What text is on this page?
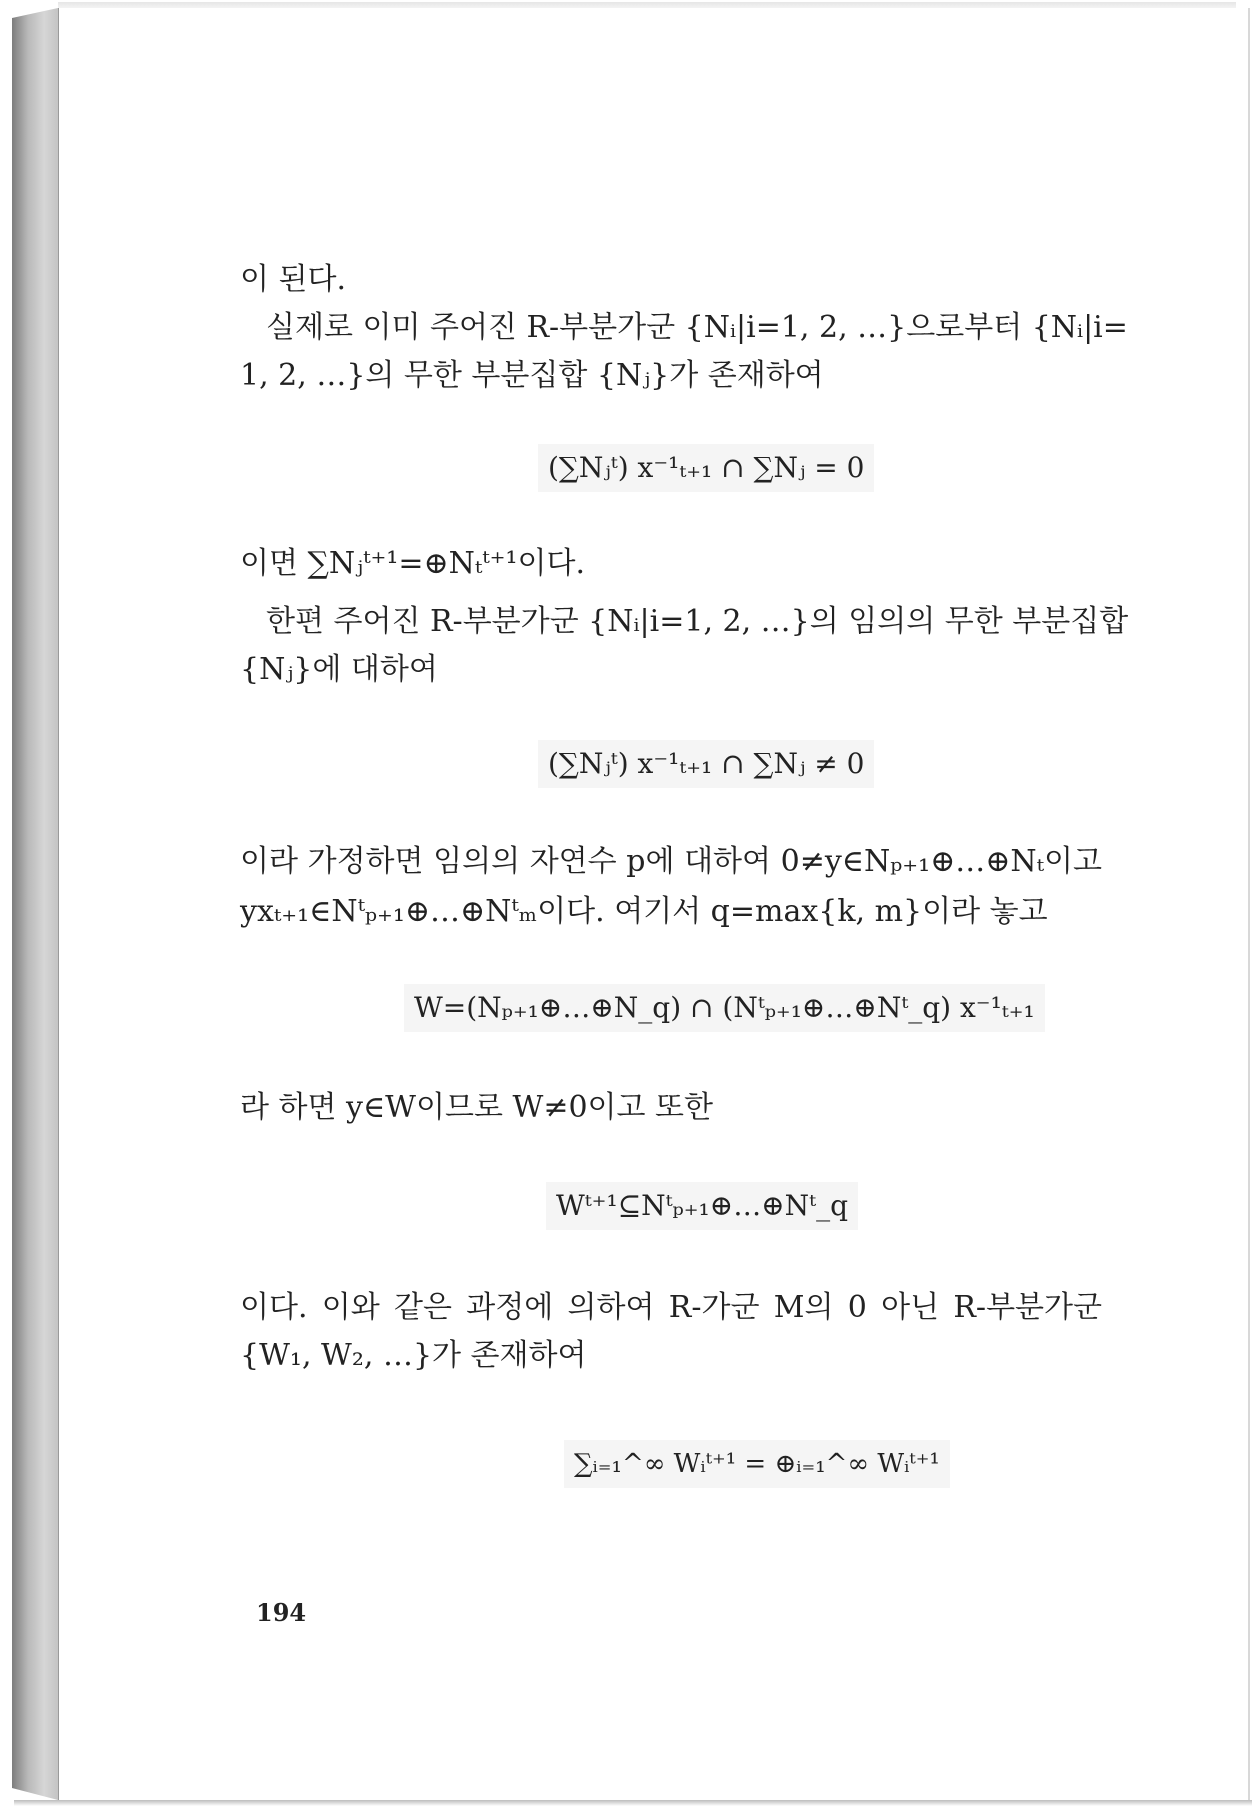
이 된다.
실제로 이미 주어진 R-부분가군 {Nᵢ|i=1, 2, …}으로부터 {Nᵢ|i=
1, 2, …}의 무한 부분집합 {Nⱼ}가 존재하여
(∑Nⱼᵗ) x⁻¹ₜ₊₁ ∩ ∑Nⱼ = 0
이면 ∑Nⱼᵗ⁺¹=⊕Nₜᵗ⁺¹이다.
한편 주어진 R-부분가군 {Nᵢ|i=1, 2, …}의 임의의 무한 부분집합
{Nⱼ}에 대하여
(∑Nⱼᵗ) x⁻¹ₜ₊₁ ∩ ∑Nⱼ ≠ 0
이라 가정하면 임의의 자연수 p에 대하여 0≠y∈Nₚ₊₁⊕…⊕Nₜ이고
yxₜ₊₁∈Nᵗₚ₊₁⊕…⊕Nᵗₘ이다. 여기서 q=max{k, m}이라 놓고
W=(Nₚ₊₁⊕…⊕N_q) ∩ (Nᵗₚ₊₁⊕…⊕Nᵗ_q) x⁻¹ₜ₊₁
라 하면 y∈W이므로 W≠0이고 또한
Wᵗ⁺¹⊆Nᵗₚ₊₁⊕…⊕Nᵗ_q
이다. 이와 같은 과정에 의하여 R-가군 M의 0 아닌 R-부분가군
{W₁, W₂, …}가 존재하여
∑ᵢ₌₁^∞ Wᵢᵗ⁺¹ = ⊕ᵢ₌₁^∞ Wᵢᵗ⁺¹
194
